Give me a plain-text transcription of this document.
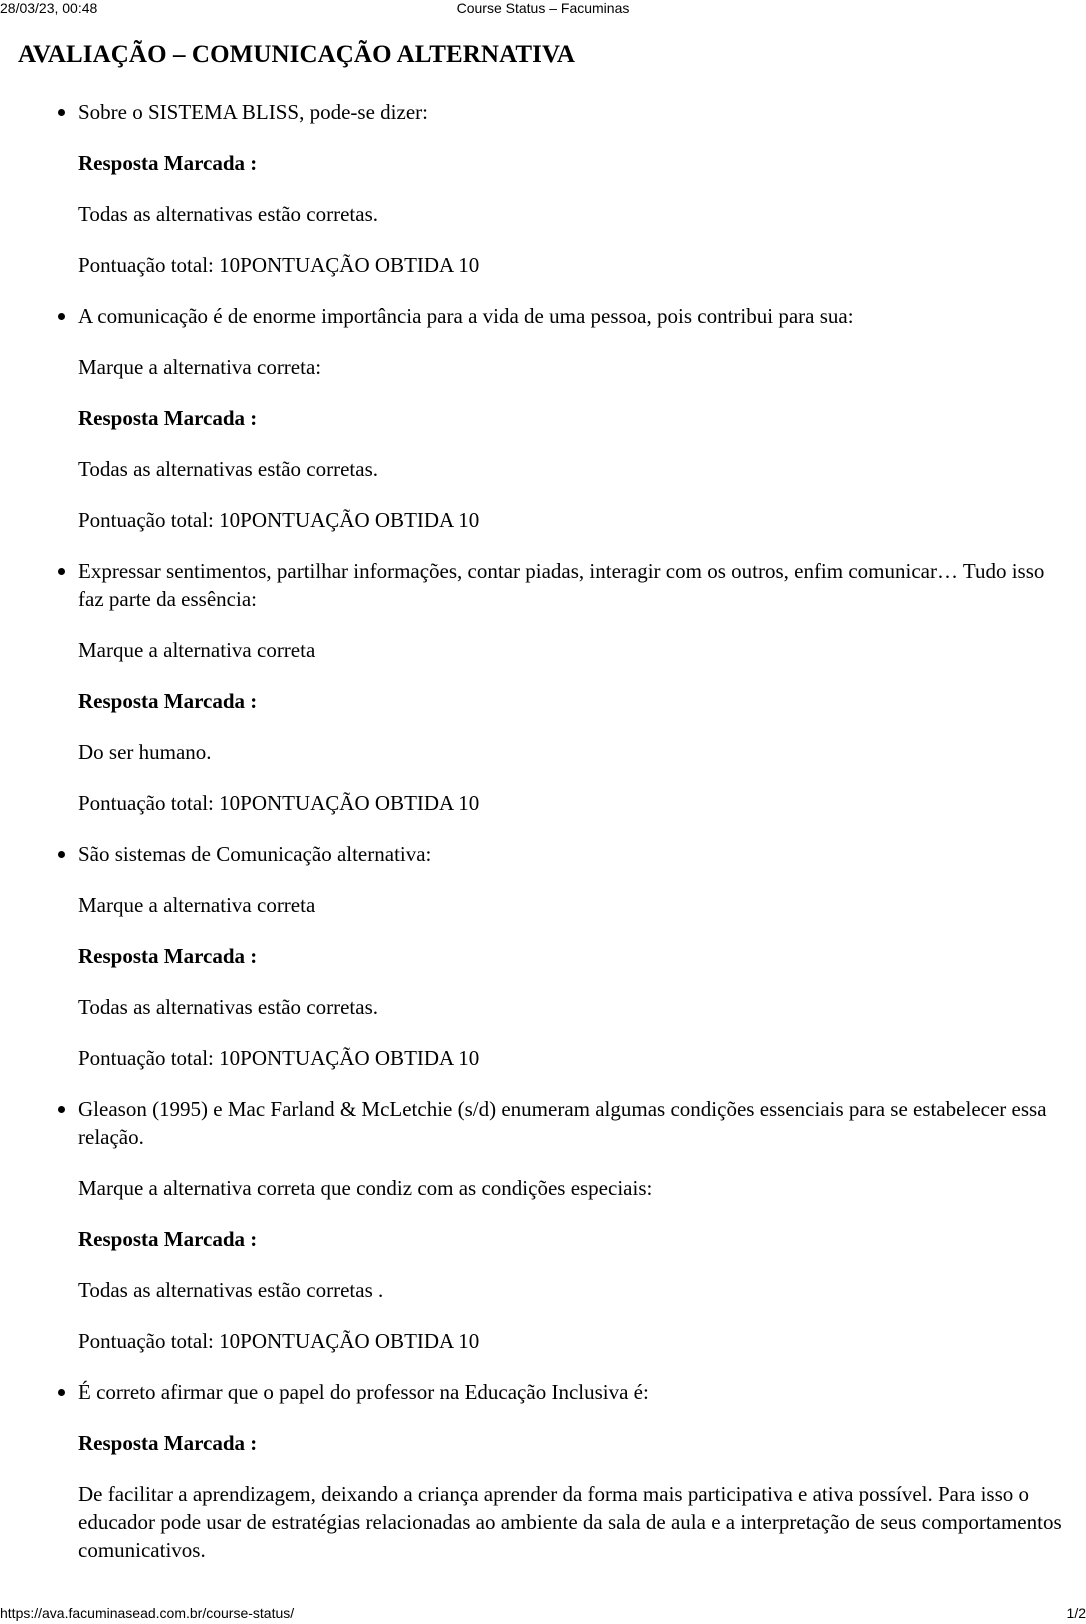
28/03/23, 00:48	Course Status – Facuminas
AVALIAÇÃO – COMUNICAÇÃO ALTERNATIVA

Sobre o SISTEMA BLISS, pode-se dizer:

Resposta Marcada :

Todas as alternativas estão corretas.

Pontuação total: 10PONTUAÇÃO OBTIDA 10

A comunicação é de enorme importância para a vida de uma pessoa, pois contribui para sua:

Marque a alternativa correta:

Resposta Marcada :

Todas as alternativas estão corretas.

Pontuação total: 10PONTUAÇÃO OBTIDA 10

Expressar sentimentos, partilhar informações, contar piadas, interagir com os outros, enfim comunicar… Tudo isso faz parte da essência:

Marque a alternativa correta

Resposta Marcada :

Do ser humano.

Pontuação total: 10PONTUAÇÃO OBTIDA 10

São sistemas de Comunicação alternativa:

Marque a alternativa correta

Resposta Marcada :

Todas as alternativas estão corretas.

Pontuação total: 10PONTUAÇÃO OBTIDA 10

Gleason (1995) e Mac Farland & McLetchie (s/d) enumeram algumas condições essenciais para se estabelecer essa relação.

Marque a alternativa correta que condiz com as condições especiais:

Resposta Marcada :

Todas as alternativas estão corretas .

Pontuação total: 10PONTUAÇÃO OBTIDA 10

É correto afirmar que o papel do professor na Educação Inclusiva é:

Resposta Marcada :

De facilitar a aprendizagem, deixando a criança aprender da forma mais participativa e ativa possível. Para isso o educador pode usar de estratégias relacionadas ao ambiente da sala de aula e a interpretação de seus comportamentos comunicativos.

https://ava.facuminasead.com.br/course-status/	1/2
